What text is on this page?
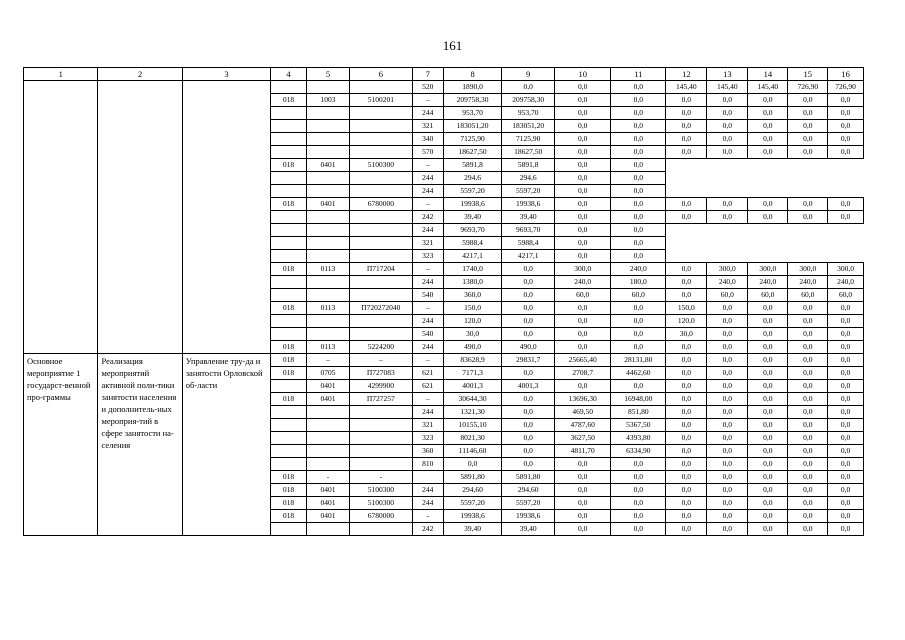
161
1	2	3	4	5	6	7	8	9	10	11	12	13	14	15	16
						520	1890,0	0,0	0,0	0,0	145,40	145,40	145,40	726,90	726,90
			018	1003	5100201	–	209758,30	209758,30	0,0	0,0	0,0	0,0	0,0	0,0	0,0
						244	953,70	953,70	0,0	0,0	0,0	0,0	0,0	0,0	0,0
						321	183051,20	183051,20	0,0	0,0	0,0	0,0	0,0	0,0	0,0
						340	7125,90	7125,90	0,0	0,0	0,0	0,0	0,0	0,0	0,0
						570	18627,50	18627,50	0,0	0,0	0,0	0,0	0,0	0,0	0,0
			018	0401	5100300	–	5891,8	5891,8	0,0	0,0					
						244	294,6	294,6	0,0	0,0					
						244	5597,20	5597,20	0,0	0,0					
			018	0401	6780000	–	19938,6	19938,6	0,0	0,0	0,0	0,0	0,0	0,0	0,0
						242	39,40	39,40	0,0	0,0	0,0	0,0	0,0	0,0	0,0
						244	9693,70	9693,70	0,0	0,0					
						321	5988,4	5988,4	0,0	0,0					
						323	4217,1	4217,1	0,0	0,0					
			018	0113	П717204	–	1740,0	0,0	300,0	240,0	0,0	300,0	300,0	300,0	300,0
						244	1380,0	0,0	240,0	180,0	0,0	240,0	240,0	240,0	240,0
						540	360,0	0,0	60,0	60,0	0,0	60,0	60,0	60,0	60,0
			018	0113	П720272040	–	150,0	0,0	0,0	0,0	150,0	0,0	0,0	0,0	0,0
						244	120,0	0,0	0,0	0,0	120,0	0,0	0,0	0,0	0,0
						540	30,0	0,0	0,0	0,0	30,0	0,0	0,0	0,0	0,0
			018	0113	5224200	244	490,0	490,0	0,0	0,0	0,0	0,0	0,0	0,0	0,0
Основное мероприятие 1 государст-венной про-граммы	Реализация мероприятий активной поли-тики занятости населения и дополнитель-ных мероприя-тий в сфере занятости на-селения	Управление тру-да и занятости Орловской об-ласти	018	–	–	–	83628,9	29831,7	25665,40	28131,80	0,0	0,0	0,0	0,0	0,0
			018	0705	П727083	621	7171,3	0,0	2708,7	4462,60	0,0	0,0	0,0	0,0	0,0
				0401	4299900	621	4001,3	4001,3	0,0	0,0	0,0	0,0	0,0	0,0	0,0
			018	0401	П727257	–	30644,30	0,0	13696,30	16948,00	0,0	0,0	0,0	0,0	0,0
						244	1321,30	0,0	469,50	851,80	0,0	0,0	0,0	0,0	0,0
						321	10155,10	0,0	4787,60	5367,50	0,0	0,0	0,0	0,0	0,0
						323	8021,30	0,0	3627,50	4393,80	0,0	0,0	0,0	0,0	0,0
						360	11146,60	0,0	4811,70	6334,90	0,0	0,0	0,0	0,0	0,0
						810	0,0	0,0	0,0	0,0	0,0	0,0	0,0	0,0	0,0
			018	-	-		5891,80	5891,80	0,0	0,0	0,0	0,0	0,0	0,0	0,0
			018	0401	5100300	244	294,60	294,60	0,0	0,0	0,0	0,0	0,0	0,0	0,0
			018	0401	5100300	244	5597,20	5597,20	0,0	0,0	0,0	0,0	0,0	0,0	0,0
			018	0401	6780000	-	19938,6	19938,6	0,0	0,0	0,0	0,0	0,0	0,0	0,0
						242	39,40	39,40	0,0	0,0	0,0	0,0	0,0	0,0	0,0
